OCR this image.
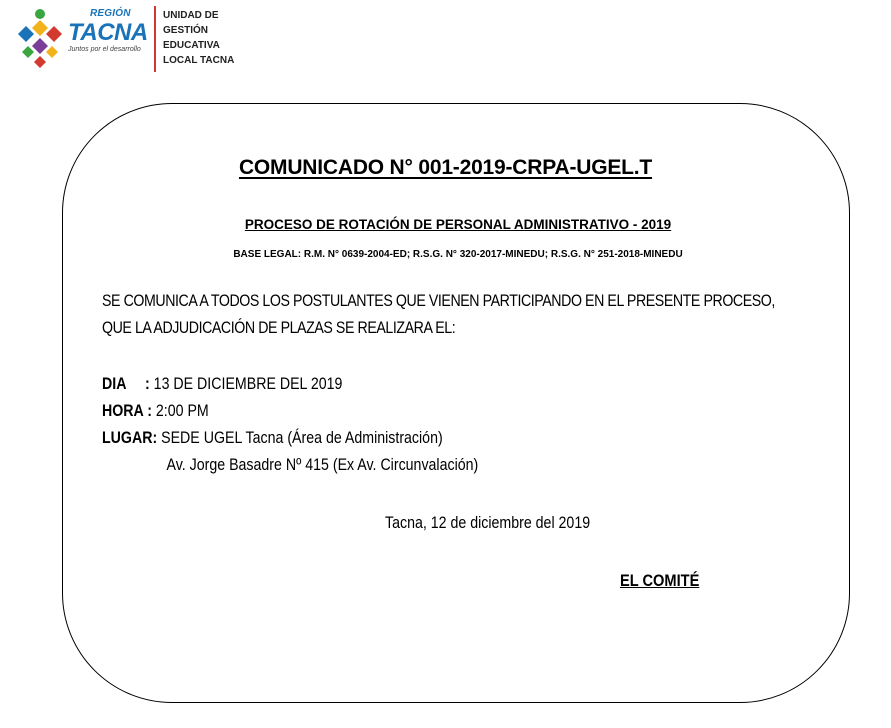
REGIÓN
TACNA
Juntos por el desarrollo
UNIDAD DE
GESTIÓN
EDUCATIVA
LOCAL TACNA
COMUNICADO N° 001-2019-CRPA-UGEL.T
PROCESO DE ROTACIÓN DE PERSONAL ADMINISTRATIVO - 2019
BASE LEGAL: R.M. N° 0639-2004-ED; R.S.G. N° 320-2017-MINEDU; R.S.G. N° 251-2018-MINEDU
SE COMUNICA A TODOS LOS POSTULANTES QUE VIENEN PARTICIPANDO EN EL PRESENTE PROCESO,
QUE LA ADJUDICACIÓN DE PLAZAS SE REALIZARA EL:
DIA : 13 DE DICIEMBRE DEL 2019
HORA : 2:00 PM
LUGAR: SEDE UGEL Tacna (Área de Administración)
Av. Jorge Basadre Nº 415 (Ex Av. Circunvalación)
Tacna, 12 de diciembre del 2019
EL COMITÉ
